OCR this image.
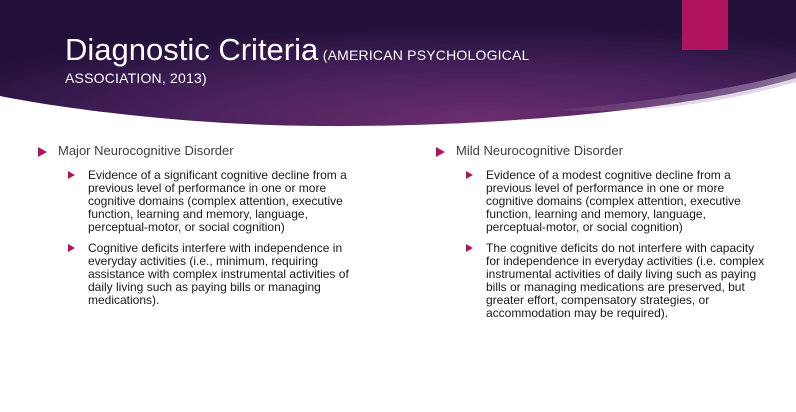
Diagnostic Criteria (AMERICAN PSYCHOLOGICAL
ASSOCIATION, 2013)
Major Neurocognitive Disorder
Evidence of a significant cognitive decline from a previous level of performance in one or more cognitive domains (complex attention, executive function, learning and memory, language, perceptual-motor, or social cognition)
Cognitive deficits interfere with independence in everyday activities (i.e., minimum, requiring assistance with complex instrumental activities of daily living such as paying bills or managing medications).
Mild Neurocognitive Disorder
Evidence of a modest cognitive decline from a previous level of performance in one or more cognitive domains (complex attention, executive function, learning and memory, language, perceptual-motor, or social cognition)
The cognitive deficits do not interfere with capacity for independence in everyday activities (i.e. complex instrumental activities of daily living such as paying bills or managing medications are preserved, but greater effort, compensatory strategies, or accommodation may be required).
